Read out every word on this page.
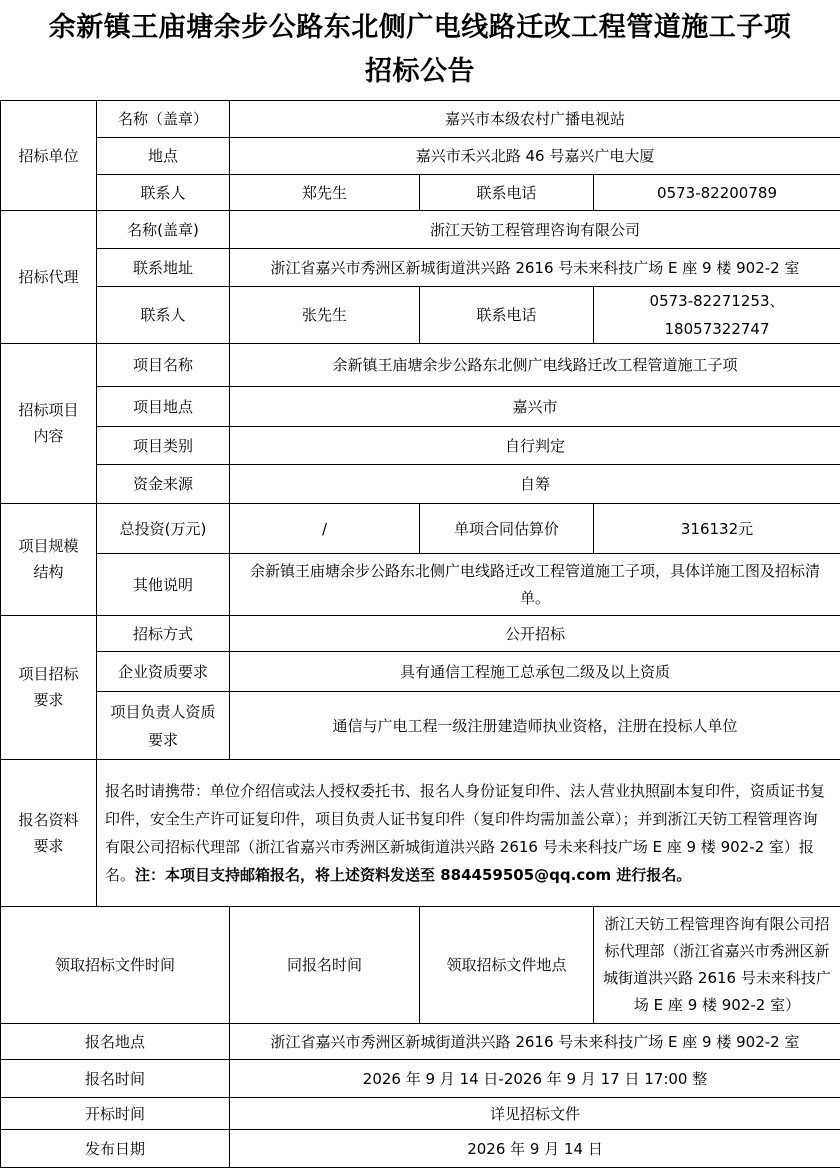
余新镇王庙塘余步公路东北侧广电线路迁改工程管道施工子项
招标公告
招标单位	名称（盖章）	嘉兴市本级农村广播电视站		
	地点	嘉兴市禾兴北路 46 号嘉兴广电大厦		
	联系人	郑先生	联系电话	0573-82200789
招标代理	名称(盖章)	浙江天钫工程管理咨询有限公司		
	联系地址	浙江省嘉兴市秀洲区新城街道洪兴路 2616 号未来科技广场 E 座 9 楼 902-2 室		
	联系人	张先生	联系电话	0573-82271253、18057322747
招标项目内容	项目名称	余新镇王庙塘余步公路东北侧广电线路迁改工程管道施工子项		
	项目地点	嘉兴市		
	项目类别	自行判定		
	资金来源	自筹		
项目规模结构	总投资(万元)	/	单项合同估算价	316132元
	其他说明	余新镇王庙塘余步公路东北侧广电线路迁改工程管道施工子项，具体详施工图及招标清单。		
项目招标要求	招标方式	公开招标		
	企业资质要求	具有通信工程施工总承包二级及以上资质		
	项目负责人资质要求	通信与广电工程一级注册建造师执业资格，注册在投标人单位		
报名资料要求	报名时请携带：单位介绍信或法人授权委托书、报名人身份证复印件、法人营业执照副本复印件，资质证书复印件，安全生产许可证复印件，项目负责人证书复印件（复印件均需加盖公章）；并到浙江天钫工程管理咨询有限公司招标代理部（浙江省嘉兴市秀洲区新城街道洪兴路 2616 号未来科技广场 E 座 9 楼 902-2 室）报名。注：本项目支持邮箱报名，将上述资料发送至 884459505@qq.com 进行报名。			
领取招标文件时间		同报名时间	领取招标文件地点	浙江天钫工程管理咨询有限公司招标代理部（浙江省嘉兴市秀洲区新城街道洪兴路 2616 号未来科技广场 E 座 9 楼 902-2 室）
报名地点		浙江省嘉兴市秀洲区新城街道洪兴路 2616 号未来科技广场 E 座 9 楼 902-2 室		
报名时间		2026 年 9 月 14 日-2026 年 9 月 17 日 17:00 整		
开标时间		详见招标文件		
发布日期		2026 年 9 月 14 日		
